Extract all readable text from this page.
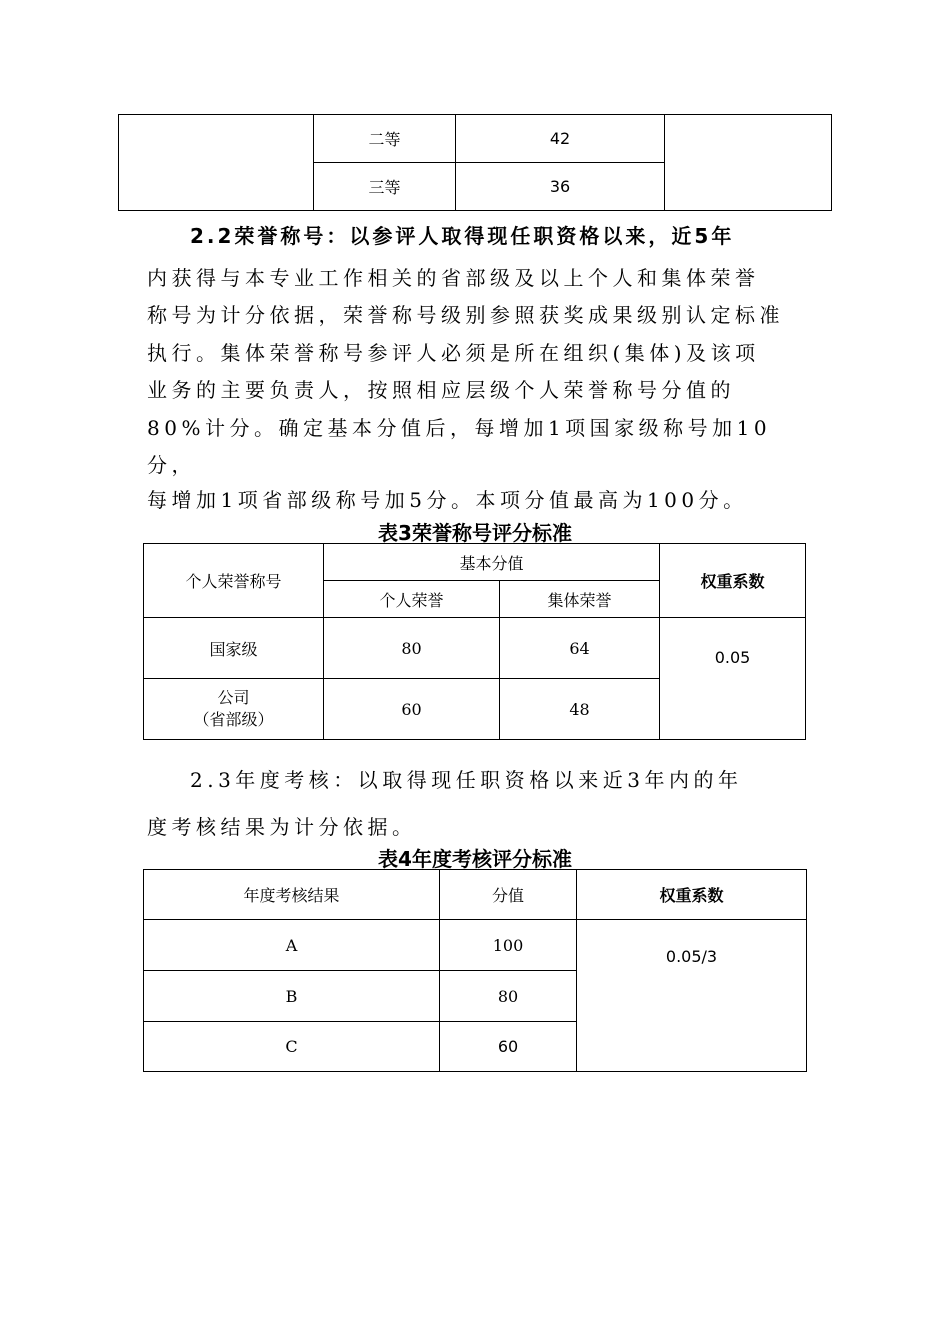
	二等	42	
	三等	36	

2.2荣誉称号：以参评人取得现任职资格以来，近5年

内获得与本专业工作相关的省部级及以上个人和集体荣誉

称号为计分依据，荣誉称号级别参照获奖成果级别认定标准

执行。集体荣誉称号参评人必须是所在组织(集体)及该项

业务的主要负责人，按照相应层级个人荣誉称号分值的

80%计分。确定基本分值后，每增加1项国家级称号加10

分，

每增加1项省部级称号加5分。本项分值最高为100分。

表3荣誉称号评分标准

个人荣誉称号	基本分值		权重系数
	个人荣誉	集体荣誉	
国家级	80	64	0.05
公司
（省部级）	60	48	

2.3年度考核：以取得现任职资格以来近3年内的年

度考核结果为计分依据。

表4年度考核评分标准

年度考核结果	分值	权重系数
A	100	0.05/3
B	80	
C	60	
